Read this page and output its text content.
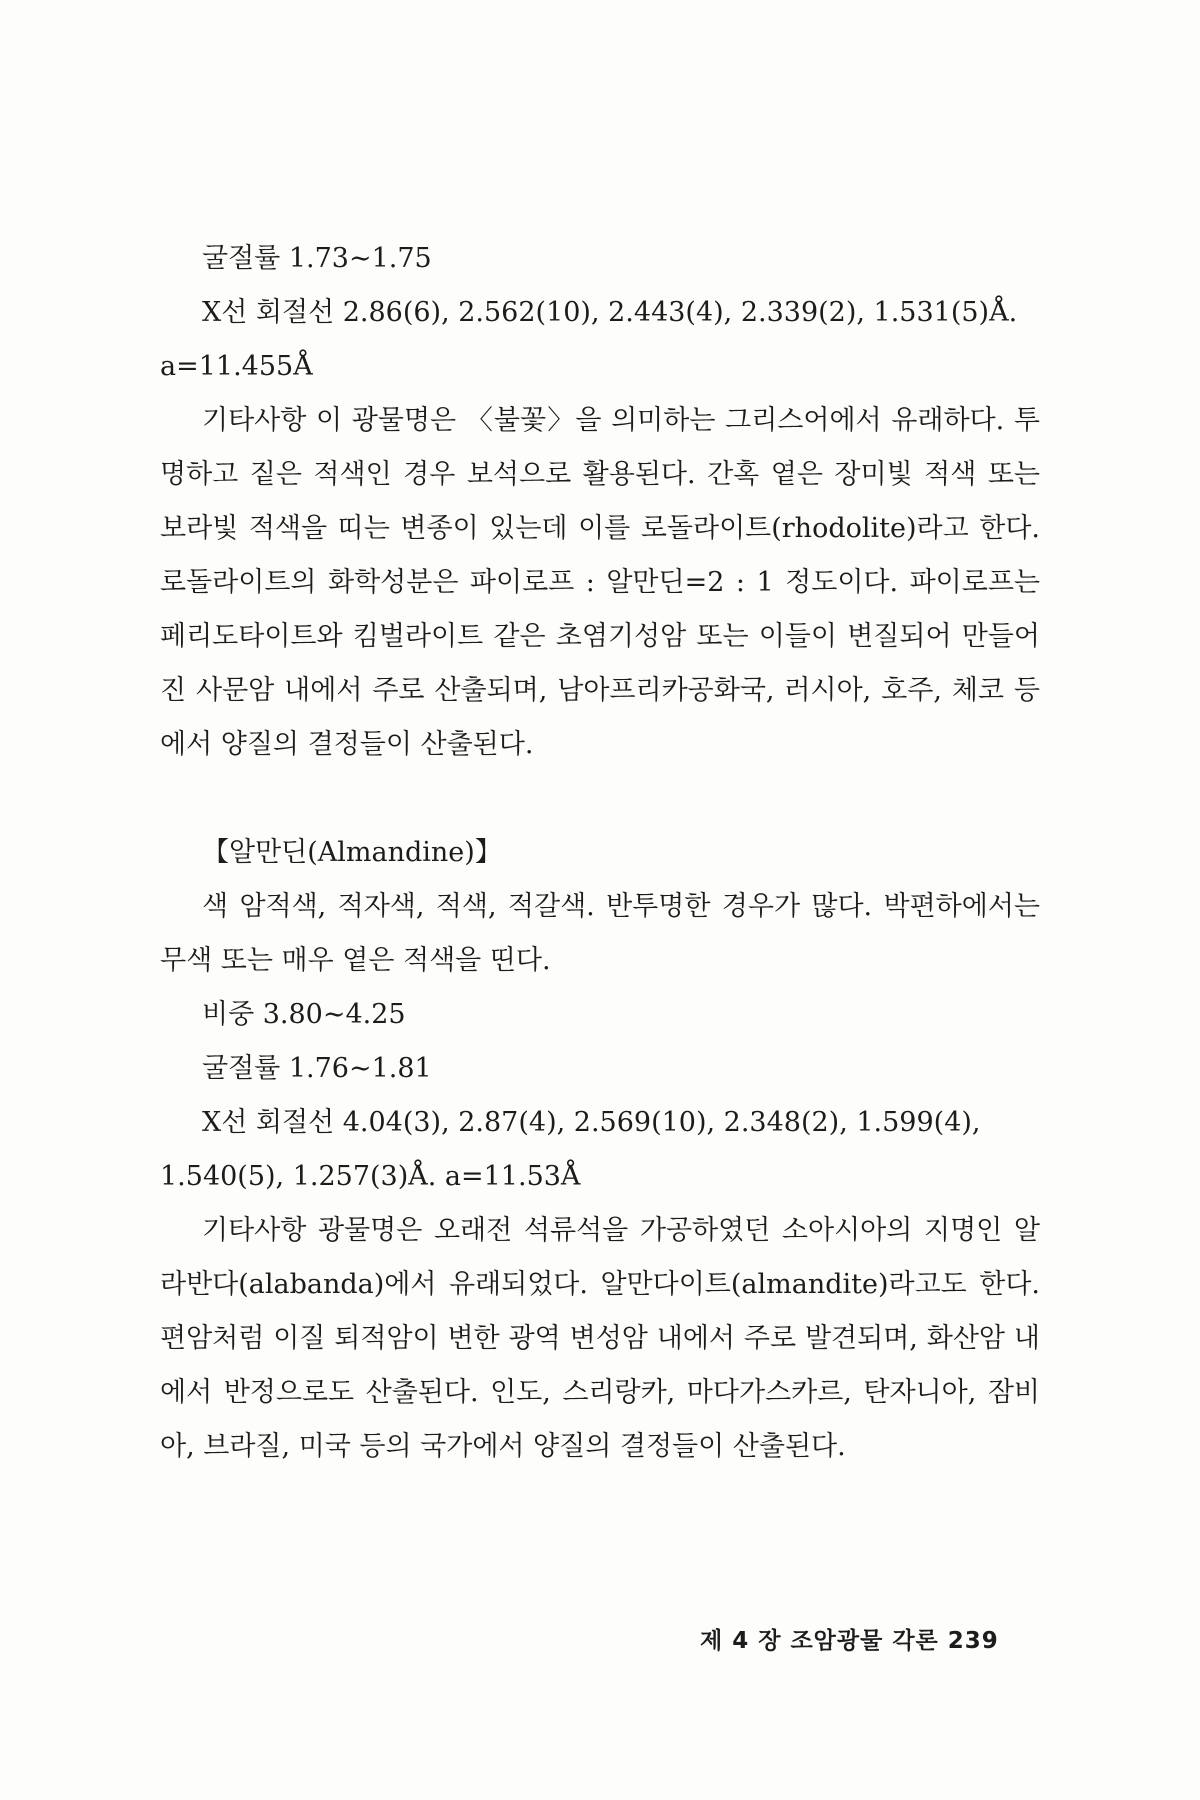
굴절률 1.73∼1.75

X선 회절선 2.86(6), 2.562(10), 2.443(4), 2.339(2), 1.531(5)Å.

a=11.455Å

기타사항 이 광물명은 〈불꽃〉을 의미하는 그리스어에서 유래하다. 투명하고 짙은 적색인 경우 보석으로 활용된다. 간혹 옅은 장미빛 적색 또는 보라빛 적색을 띠는 변종이 있는데 이를 로돌라이트(rhodolite)라고 한다. 로돌라이트의 화학성분은 파이로프 : 알만딘=2 : 1 정도이다. 파이로프는 페리도타이트와 킴벌라이트 같은 초염기성암 또는 이들이 변질되어 만들어진 사문암 내에서 주로 산출되며, 남아프리카공화국, 러시아, 호주, 체코 등에서 양질의 결정들이 산출된다.

【알만딘(Almandine)】

색 암적색, 적자색, 적색, 적갈색. 반투명한 경우가 많다. 박편하에서는 무색 또는 매우 옅은 적색을 띤다.

비중 3.80∼4.25

굴절률 1.76∼1.81

X선 회절선 4.04(3), 2.87(4), 2.569(10), 2.348(2), 1.599(4),

1.540(5), 1.257(3)Å. a=11.53Å

기타사항 광물명은 오래전 석류석을 가공하였던 소아시아의 지명인 알라반다(alabanda)에서 유래되었다. 알만다이트(almandite)라고도 한다. 편암처럼 이질 퇴적암이 변한 광역 변성암 내에서 주로 발견되며, 화산암 내에서 반정으로도 산출된다. 인도, 스리랑카, 마다가스카르, 탄자니아, 잠비아, 브라질, 미국 등의 국가에서 양질의 결정들이 산출된다.

제 4 장 조암광물 각론 239
